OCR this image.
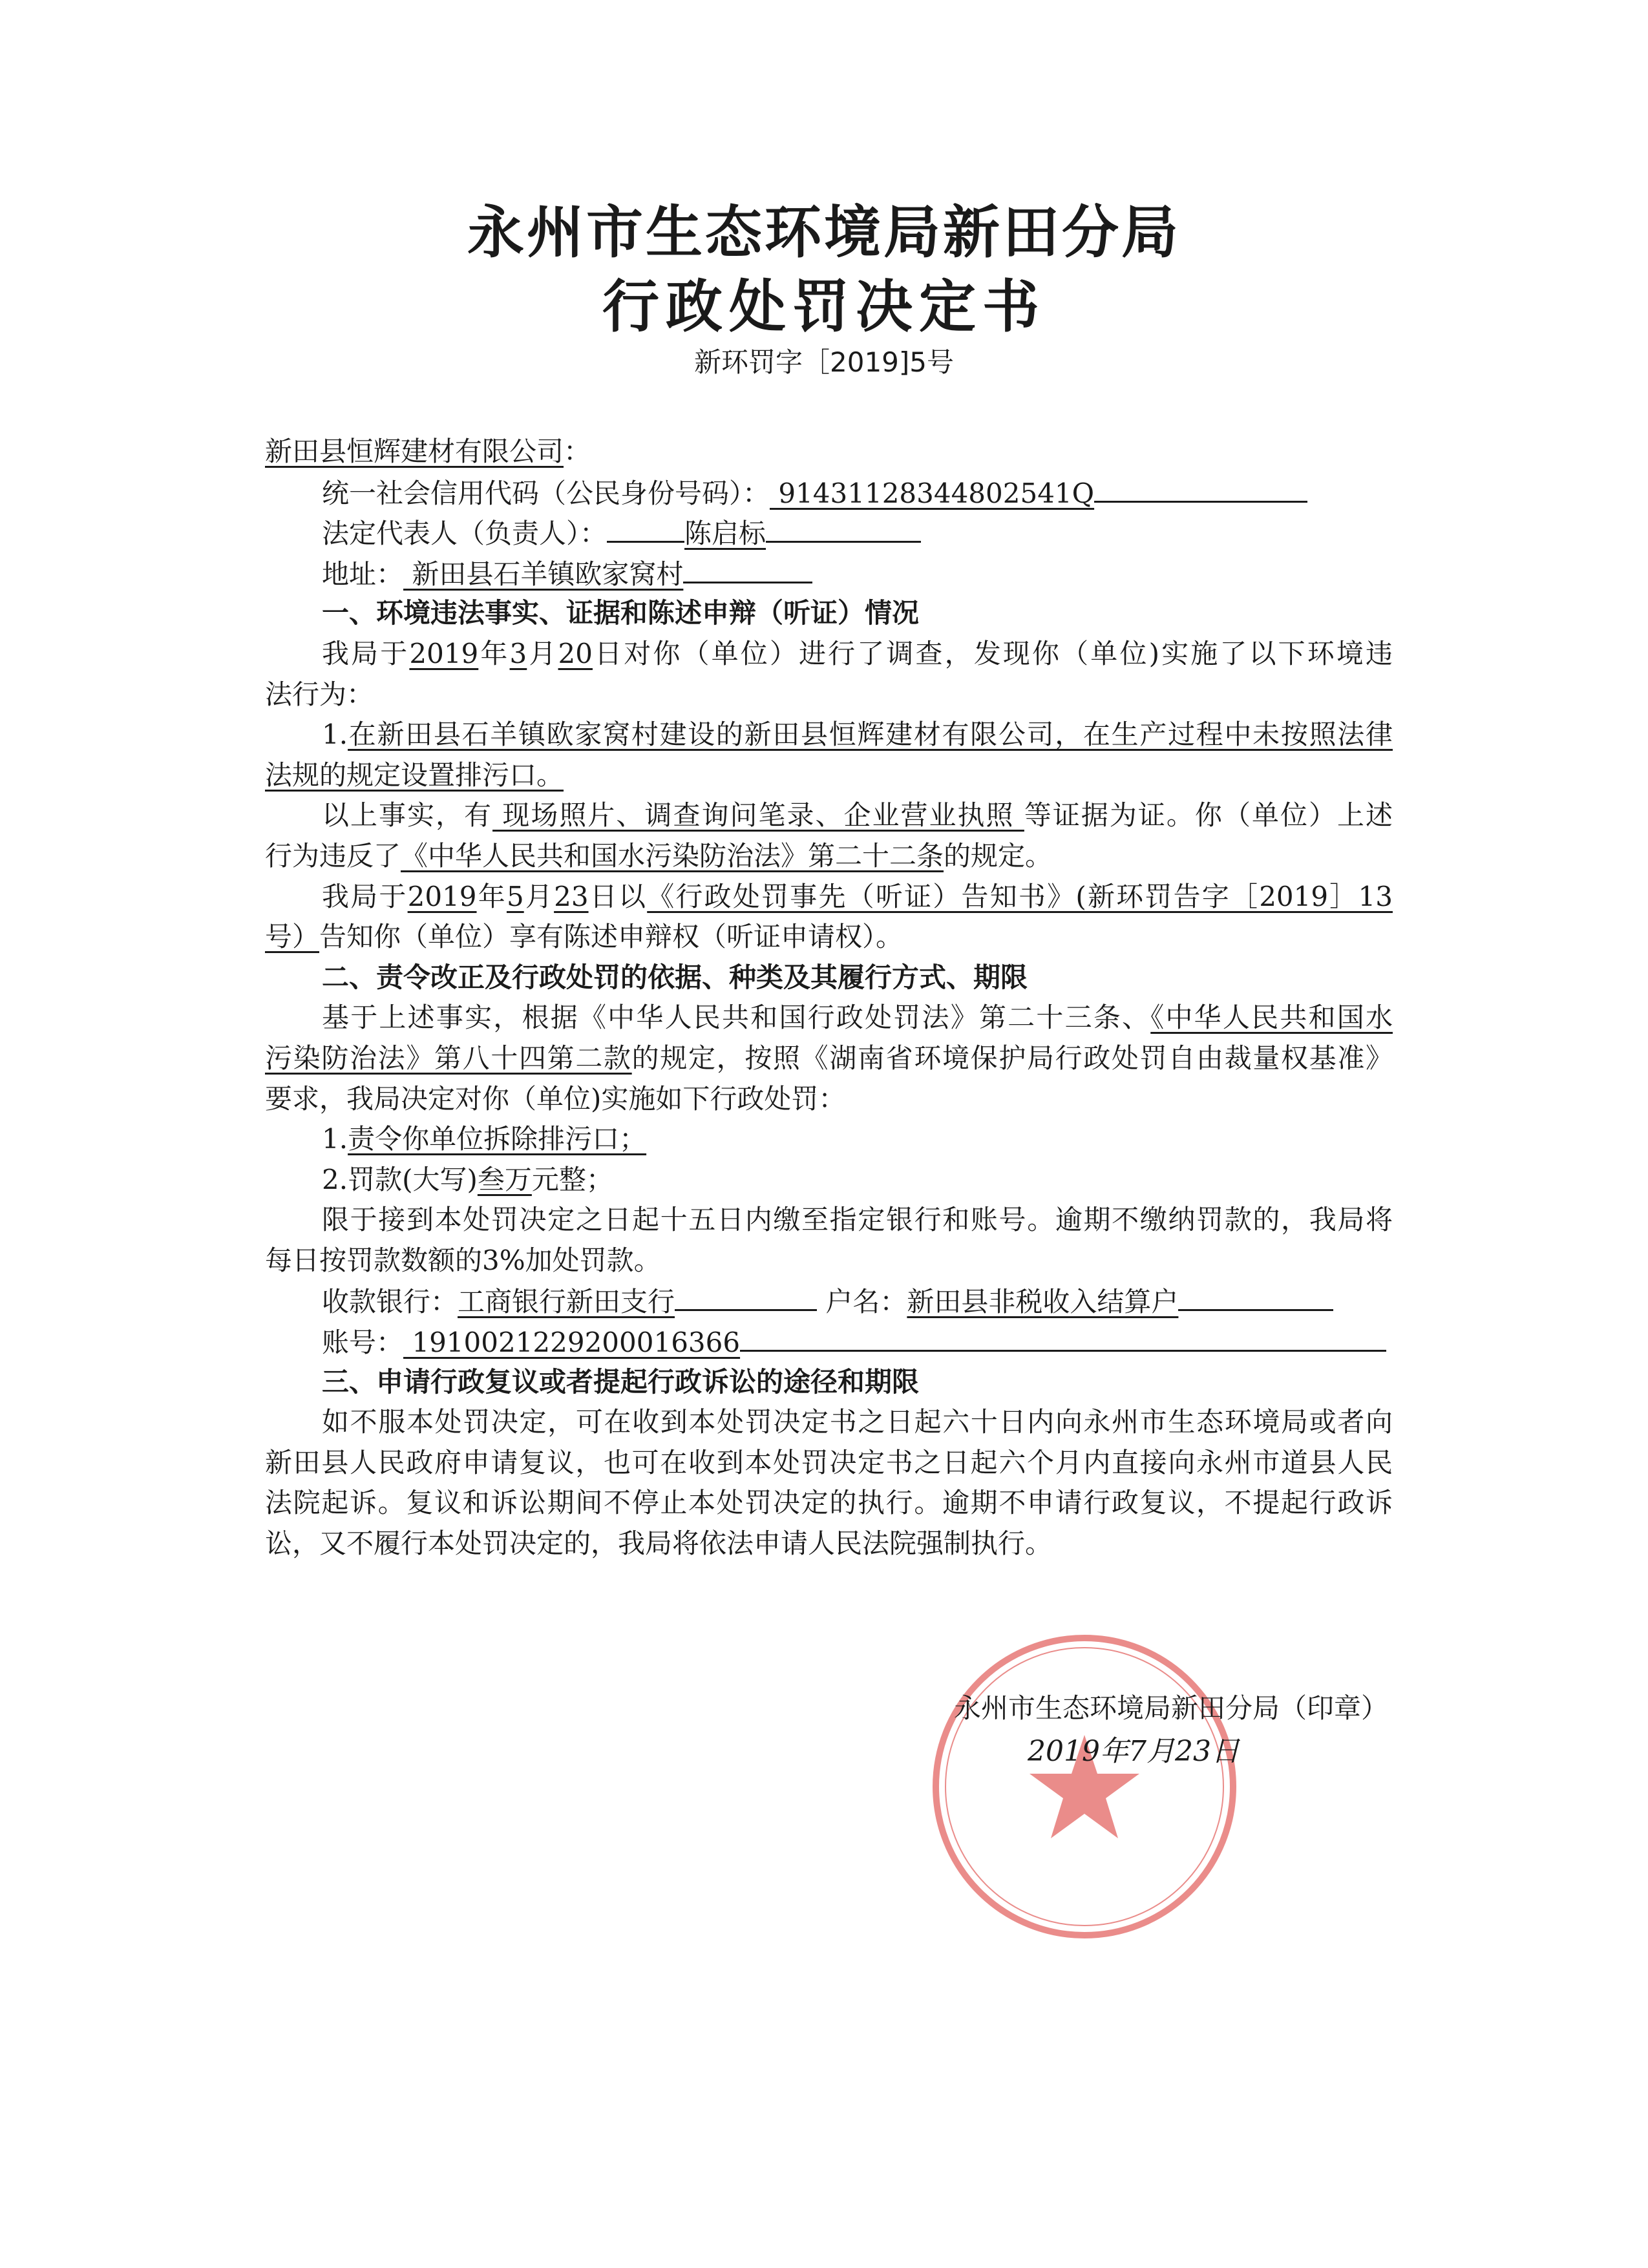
永州市生态环境局新田分局
行政处罚决定书
新环罚字［2019]5号
新田县恒辉建材有限公司：
统一社会信用代码（公民身份号码）： 91431128344802541Q
法定代表人（负责人）：	陈启标
地址： 新田县石羊镇欧家窝村
一、环境违法事实、证据和陈述申辩（听证）情况
我局于2019年3月20日对你（单位）进行了调查，发现你（单位)实施了以下环境违
法行为：
1.在新田县石羊镇欧家窝村建设的新田县恒辉建材有限公司，在生产过程中未按照法律
法规的规定设置排污口。
以上事实，有 现场照片、调查询问笔录、企业营业执照 等证据为证。你（单位）上述
行为违反了《中华人民共和国水污染防治法》第二十二条的规定。
我局于2019年5月23日以《行政处罚事先（听证）告知书》(新环罚告字［2019］13
号）告知你（单位）享有陈述申辩权（听证申请权）。
二、责令改正及行政处罚的依据、种类及其履行方式、期限
基于上述事实，根据《中华人民共和国行政处罚法》第二十三条、《中华人民共和国水
污染防治法》第八十四第二款的规定，按照《湖南省环境保护局行政处罚自由裁量权基准》
要求，我局决定对你（单位)实施如下行政处罚：
1.责令你单位拆除排污口；
2.罚款(大写)叁万元整；
限于接到本处罚决定之日起十五日内缴至指定银行和账号。逾期不缴纳罚款的，我局将
每日按罚款数额的3%加处罚款。
收款银行：工商银行新田支行	户名：新田县非税收入结算户
账号： 1910021229200016366
三、申请行政复议或者提起行政诉讼的途径和期限
如不服本处罚决定，可在收到本处罚决定书之日起六十日内向永州市生态环境局或者向
新田县人民政府申请复议，也可在收到本处罚决定书之日起六个月内直接向永州市道县人民
法院起诉。复议和诉讼期间不停止本处罚决定的执行。逾期不申请行政复议，不提起行政诉
讼，又不履行本处罚决定的，我局将依法申请人民法院强制执行。
永州市生态环境局新田分局（印章）
2019年7月23日
